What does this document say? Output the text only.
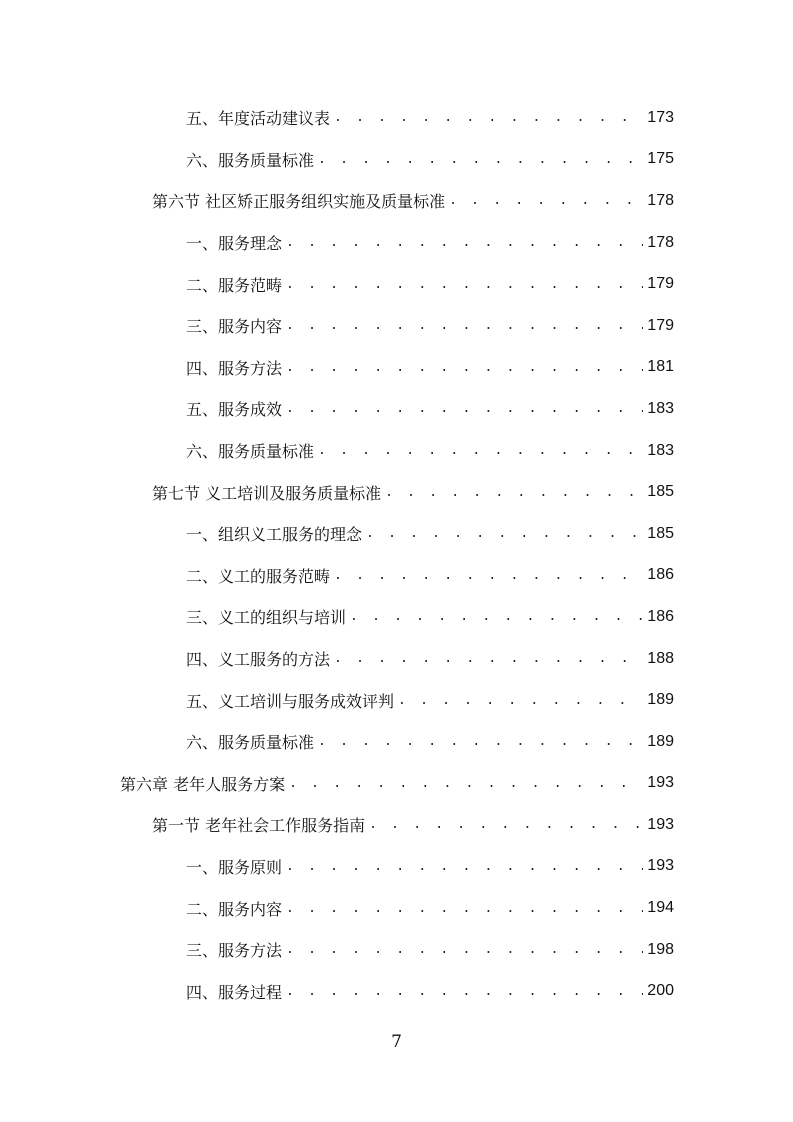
五、年度活动建议表 . . .	173
六、服务质量标准 . . .	175
第六节 社区矫正服务组织实施及质量标准 . . .	178
一、服务理念 . . .	178
二、服务范畴 . . .	179
三、服务内容 . . .	179
四、服务方法 . . .	181
五、服务成效 . . .	183
六、服务质量标准 . . .	183
第七节 义工培训及服务质量标准 . . .	185
一、组织义工服务的理念 . . .	185
二、义工的服务范畴 . . .	186
三、义工的组织与培训 . . .	186
四、义工服务的方法 . . .	188
五、义工培训与服务成效评判 . . .	189
六、服务质量标准 . . .	189
第六章 老年人服务方案 . . .	193
第一节 老年社会工作服务指南 . . .	193
一、服务原则 . . .	193
二、服务内容 . . .	194
三、服务方法 . . .	198
四、服务过程 . . .	200
7
